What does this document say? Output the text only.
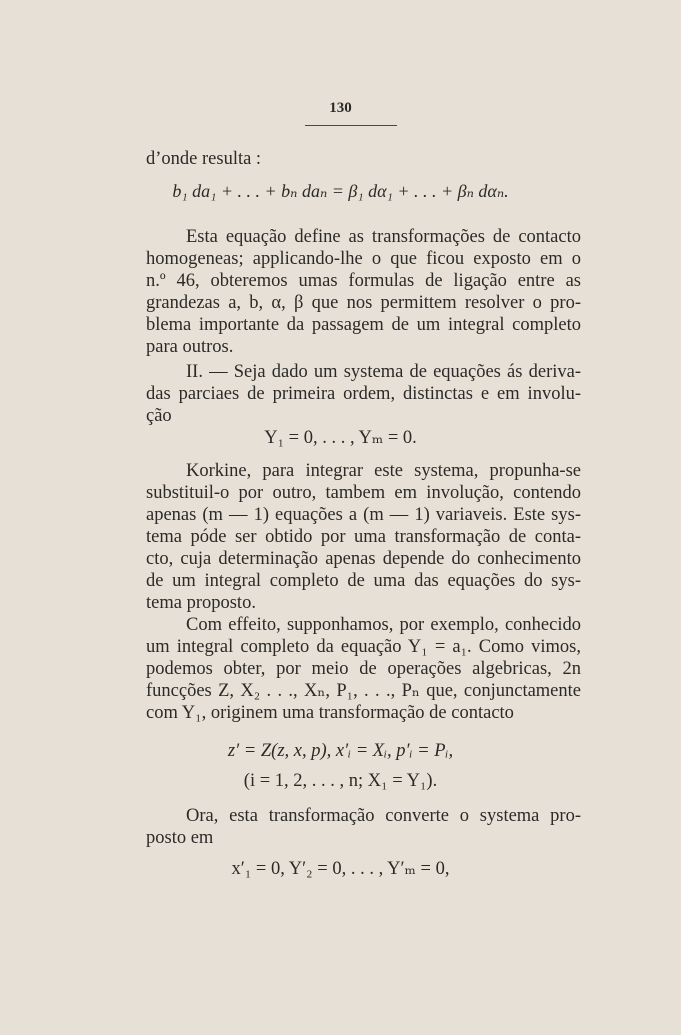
130
d’onde resulta :
b₁ da₁ + . . . + bₙ daₙ = β₁ dα₁ + . . . + βₙ dαₙ.
Esta equação define as transformações de contacto
homogeneas; applicando-lhe o que ficou exposto em o
n.º 46, obteremos umas formulas de ligação entre as
grandezas a, b, α, β que nos permittem resolver o pro-
blema importante da passagem de um integral completo
para outros.
II. — Seja dado um systema de equações ás deriva-
das parciaes de primeira ordem, distinctas e em involu-
ção
Y₁ = 0, . . . , Yₘ = 0.
Korkine, para integrar este systema, propunha-se
substituil-o por outro, tambem em involução, contendo
apenas (m — 1) equações a (m — 1) variaveis. Este sys-
tema póde ser obtido por uma transformação de conta-
cto, cuja determinação apenas depende do conhecimento
de um integral completo de uma das equações do sys-
tema proposto.
Com effeito, supponhamos, por exemplo, conhecido
um integral completo da equação Y₁ = a₁. Como vimos,
podemos obter, por meio de operações algebricas, 2n
funcções Z, X₂ . . ., Xₙ, P₁, . . ., Pₙ que, conjunctamente
com Y₁, originem uma transformação de contacto
z′ = Z(z, x, p), x′ᵢ = Xᵢ, p′ᵢ = Pᵢ,
(i = 1, 2, . . . , n; X₁ = Y₁).
Ora, esta transformação converte o systema pro-
posto em
x′₁ = 0, Y′₂ = 0, . . . , Y′ₘ = 0,
